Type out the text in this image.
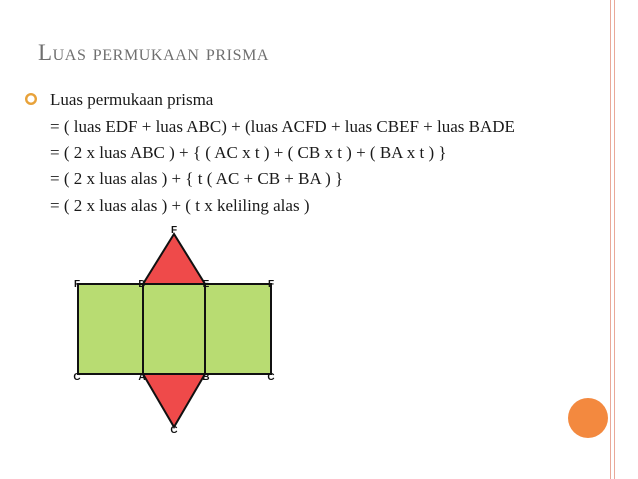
Luas permukaan prisma

Luas permukaan prisma

= ( luas EDF + luas ABC) + (luas ACFD + luas CBEF + luas BADE

= ( 2 x luas ABC ) + { ( AC x t ) + ( CB x t ) + ( BA x t ) }

= ( 2 x luas alas ) + { t ( AC + CB + BA ) }

= ( 2 x luas alas ) + ( t x keliling alas )

F
F	D	E	F
C	A	B	C
C
